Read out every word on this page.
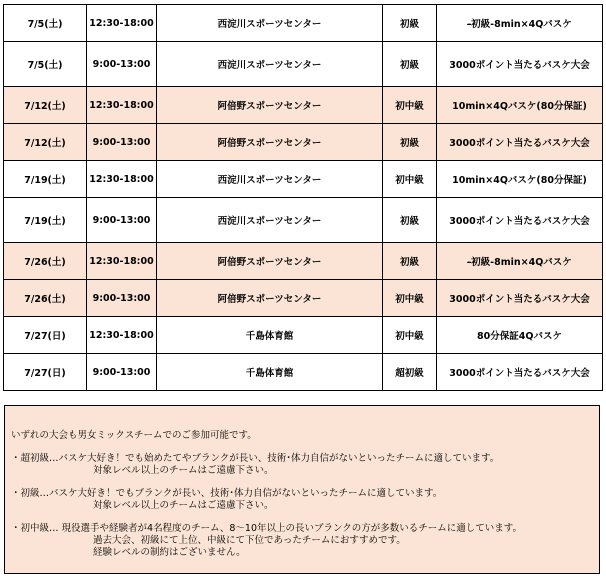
7/5(土)	12:30-18:00	西淀川スポーツセンター	初級	-初級-8min×4Qバスケ
7/5(土)	9:00-13:00	西淀川スポーツセンター	初級	3000ポイント当たるバスケ大会
7/12(土)	12:30-18:00	阿倍野スポーツセンター	初中級	10min×4Qバスケ(80分保証)
7/12(土)	9:00-13:00	阿倍野スポーツセンター	初級	3000ポイント当たるバスケ大会
7/19(土)	12:30-18:00	西淀川スポーツセンター	初中級	10min×4Qバスケ(80分保証)
7/19(土)	9:00-13:00	西淀川スポーツセンター	初級	3000ポイント当たるバスケ大会
7/26(土)	12:30-18:00	阿倍野スポーツセンター	初級	-初級-8min×4Qバスケ
7/26(土)	9:00-13:00	阿倍野スポーツセンター	初中級	3000ポイント当たるバスケ大会
7/27(日)	12:30-18:00	千島体育館	初中級	80分保証4Qバスケ
7/27(日)	9:00-13:00	千島体育館	超初級	3000ポイント当たるバスケ大会

いずれの大会も男女ミックスチームでのご参加可能です。

・超初級…バスケ大好き！でも始めたてやブランクが長い、技術･体力自信がないといったチームに適しています。

対象レベル以上のチームはご遠慮下さい。

・初級…バスケ大好き！でもブランクが長い、技術･体力自信がないといったチームに適しています。

対象レベル以上のチームはご遠慮下さい。

・初中級… 現役選手や経験者が4名程度のチーム、8〜10年以上の長いブランクの方が多数いるチームに適しています。

過去大会、初級にて上位、中級にて下位であったチームにおすすめです。

経験レベルの制約はございません。
